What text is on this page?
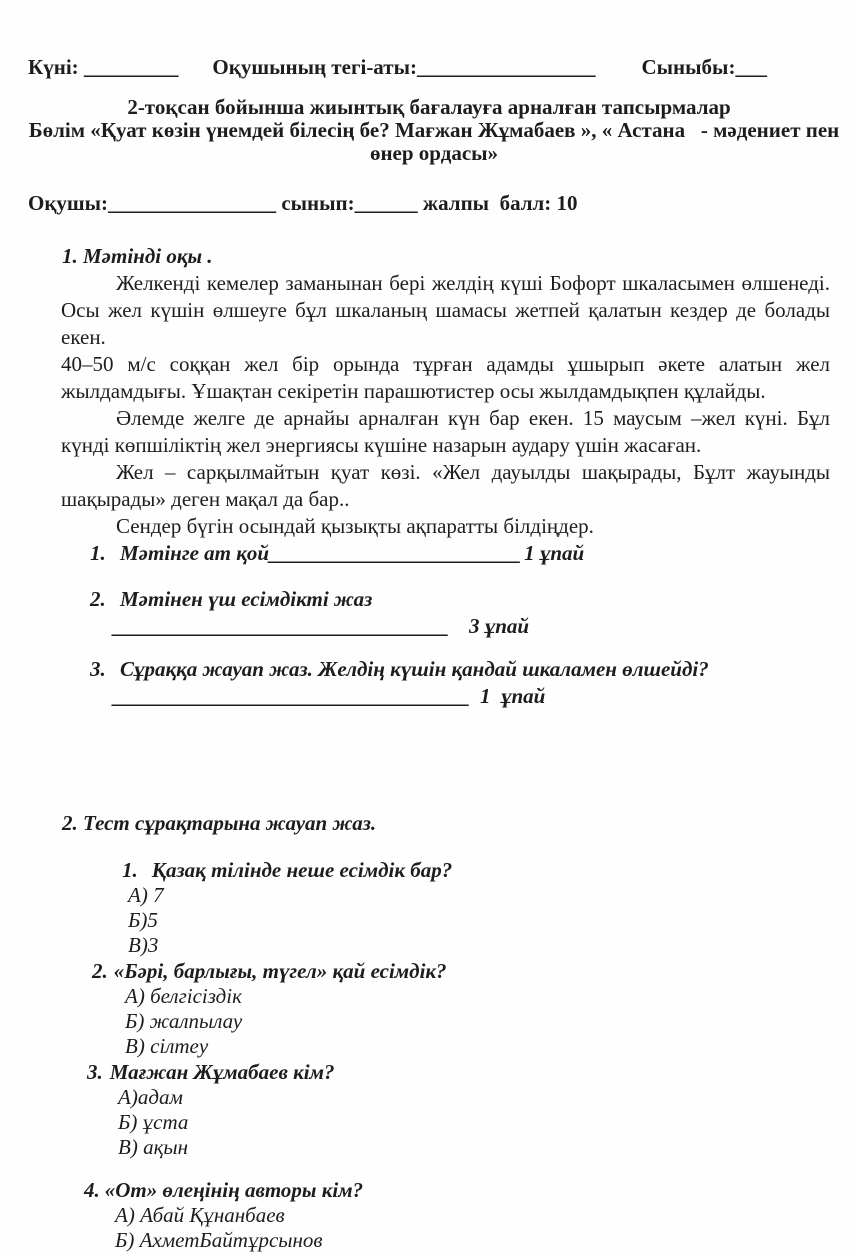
Күні: _________ Оқушының тегі-аты:_________________ Сыныбы:___

2-тоқсан бойынша жиынтық бағалауға арналған тапсырмалар

Бөлім «Қуат көзін үнемдей білесің бе? Мағжан Жұмабаев », « Астана   - мәдениет пен өнер ордасы»

Оқушы:________________ сынып:______ жалпы  балл: 10

1. Мәтінді оқы .

Желкенді кемелер заманынан бері желдің күші Бофорт шкаласымен өлшенеді. Осы жел күшін өлшеуге бұл шкаланың шамасы жетпей қалатын кездер де болады екен.

40–50 м/с соққан жел бір орында тұрған адамды ұшырып әкете алатын жел жылдамдығы. Ұшақтан секіретін парашютистер осы жылдамдықпен құлайды.

Әлемде желге де арнайы арналған күн бар екен. 15 маусым –жел күні. Бұл күнді көпшіліктің жел энергиясы күшіне назарын аудару үшін жасаған.

Жел – сарқылмайтын қуат көзі. «Жел дауылды шақырады, Бұлт жауынды шақырады» деген мақал да бар..

Сендер бүгін осындай қызықты ақпаратты білдіңдер.

1. Мәтінге ат қой ________________________ 1 ұпай
2. Мәтінен үш есімдікті жаз
________________________________ 3 ұпай
3. Сұраққа жауап жаз. Желдің күшін қандай шкаламен өлшейді?
__________________________________ 1  ұпай

2. Тест сұрақтарына жауап жаз.

1. Қазақ тілінде неше есімдік бар?

А) 7

Б)5

В)3

2. «Бәрі, барлығы, түгел» қай есімдік?

А) белгісіздік

Б) жалпылау

В) сілтеу

3. Мағжан Жұмабаев кім?

А)адам

Б) ұста

В) ақын

4. «От» өлеңінің авторы кім?

А) Абай Құнанбаев

Б) АхметБайтұрсынов
